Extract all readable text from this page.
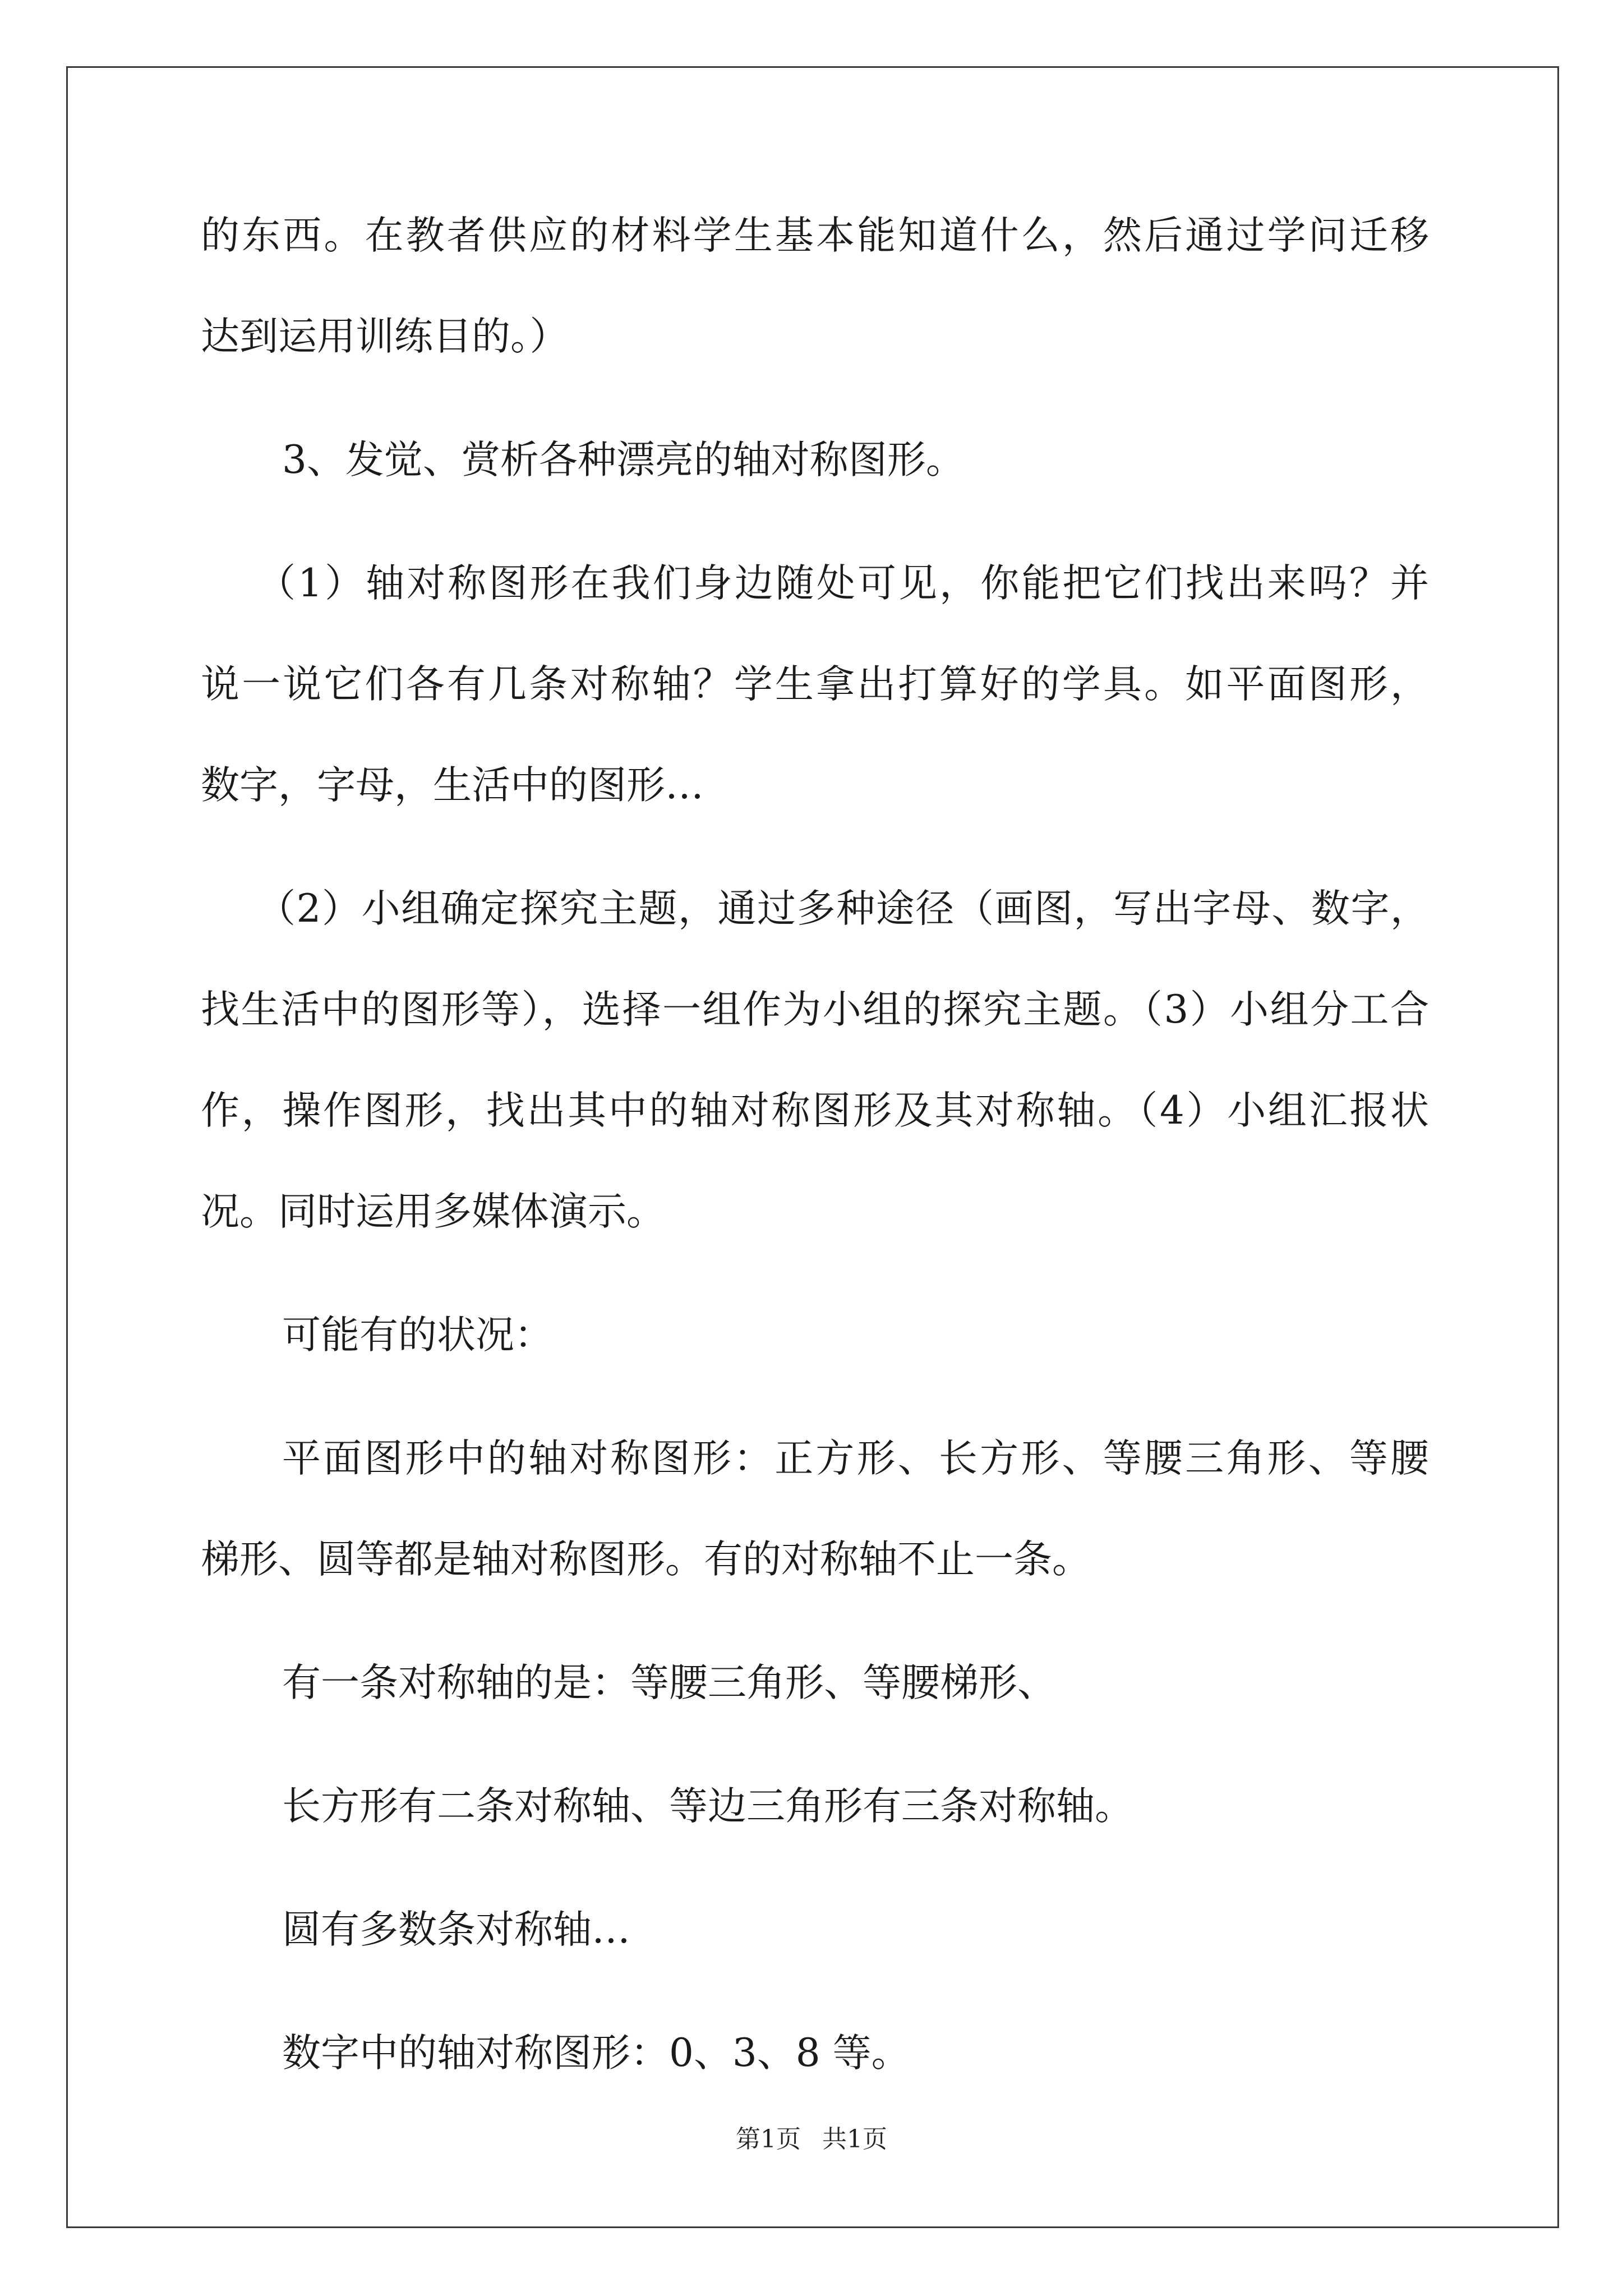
的东西。在教者供应的材料学生基本能知道什么，然后通过学问迁移
达到运用训练目的。）
3、发觉、赏析各种漂亮的轴对称图形。
（1）轴对称图形在我们身边随处可见，你能把它们找出来吗？并
说一说它们各有几条对称轴？学生拿出打算好的学具。如平面图形，
数字，字母，生活中的图形…
（2）小组确定探究主题，通过多种途径（画图，写出字母、数字，
找生活中的图形等），选择一组作为小组的探究主题。（3）小组分工合
作，操作图形，找出其中的轴对称图形及其对称轴。（4）小组汇报状
况。同时运用多媒体演示。
可能有的状况：
平面图形中的轴对称图形：正方形、长方形、等腰三角形、等腰
梯形、圆等都是轴对称图形。有的对称轴不止一条。
有一条对称轴的是：等腰三角形、等腰梯形、
长方形有二条对称轴、等边三角形有三条对称轴。
圆有多数条对称轴…
数字中的轴对称图形：0、3、8 等。
第1页 共1页
